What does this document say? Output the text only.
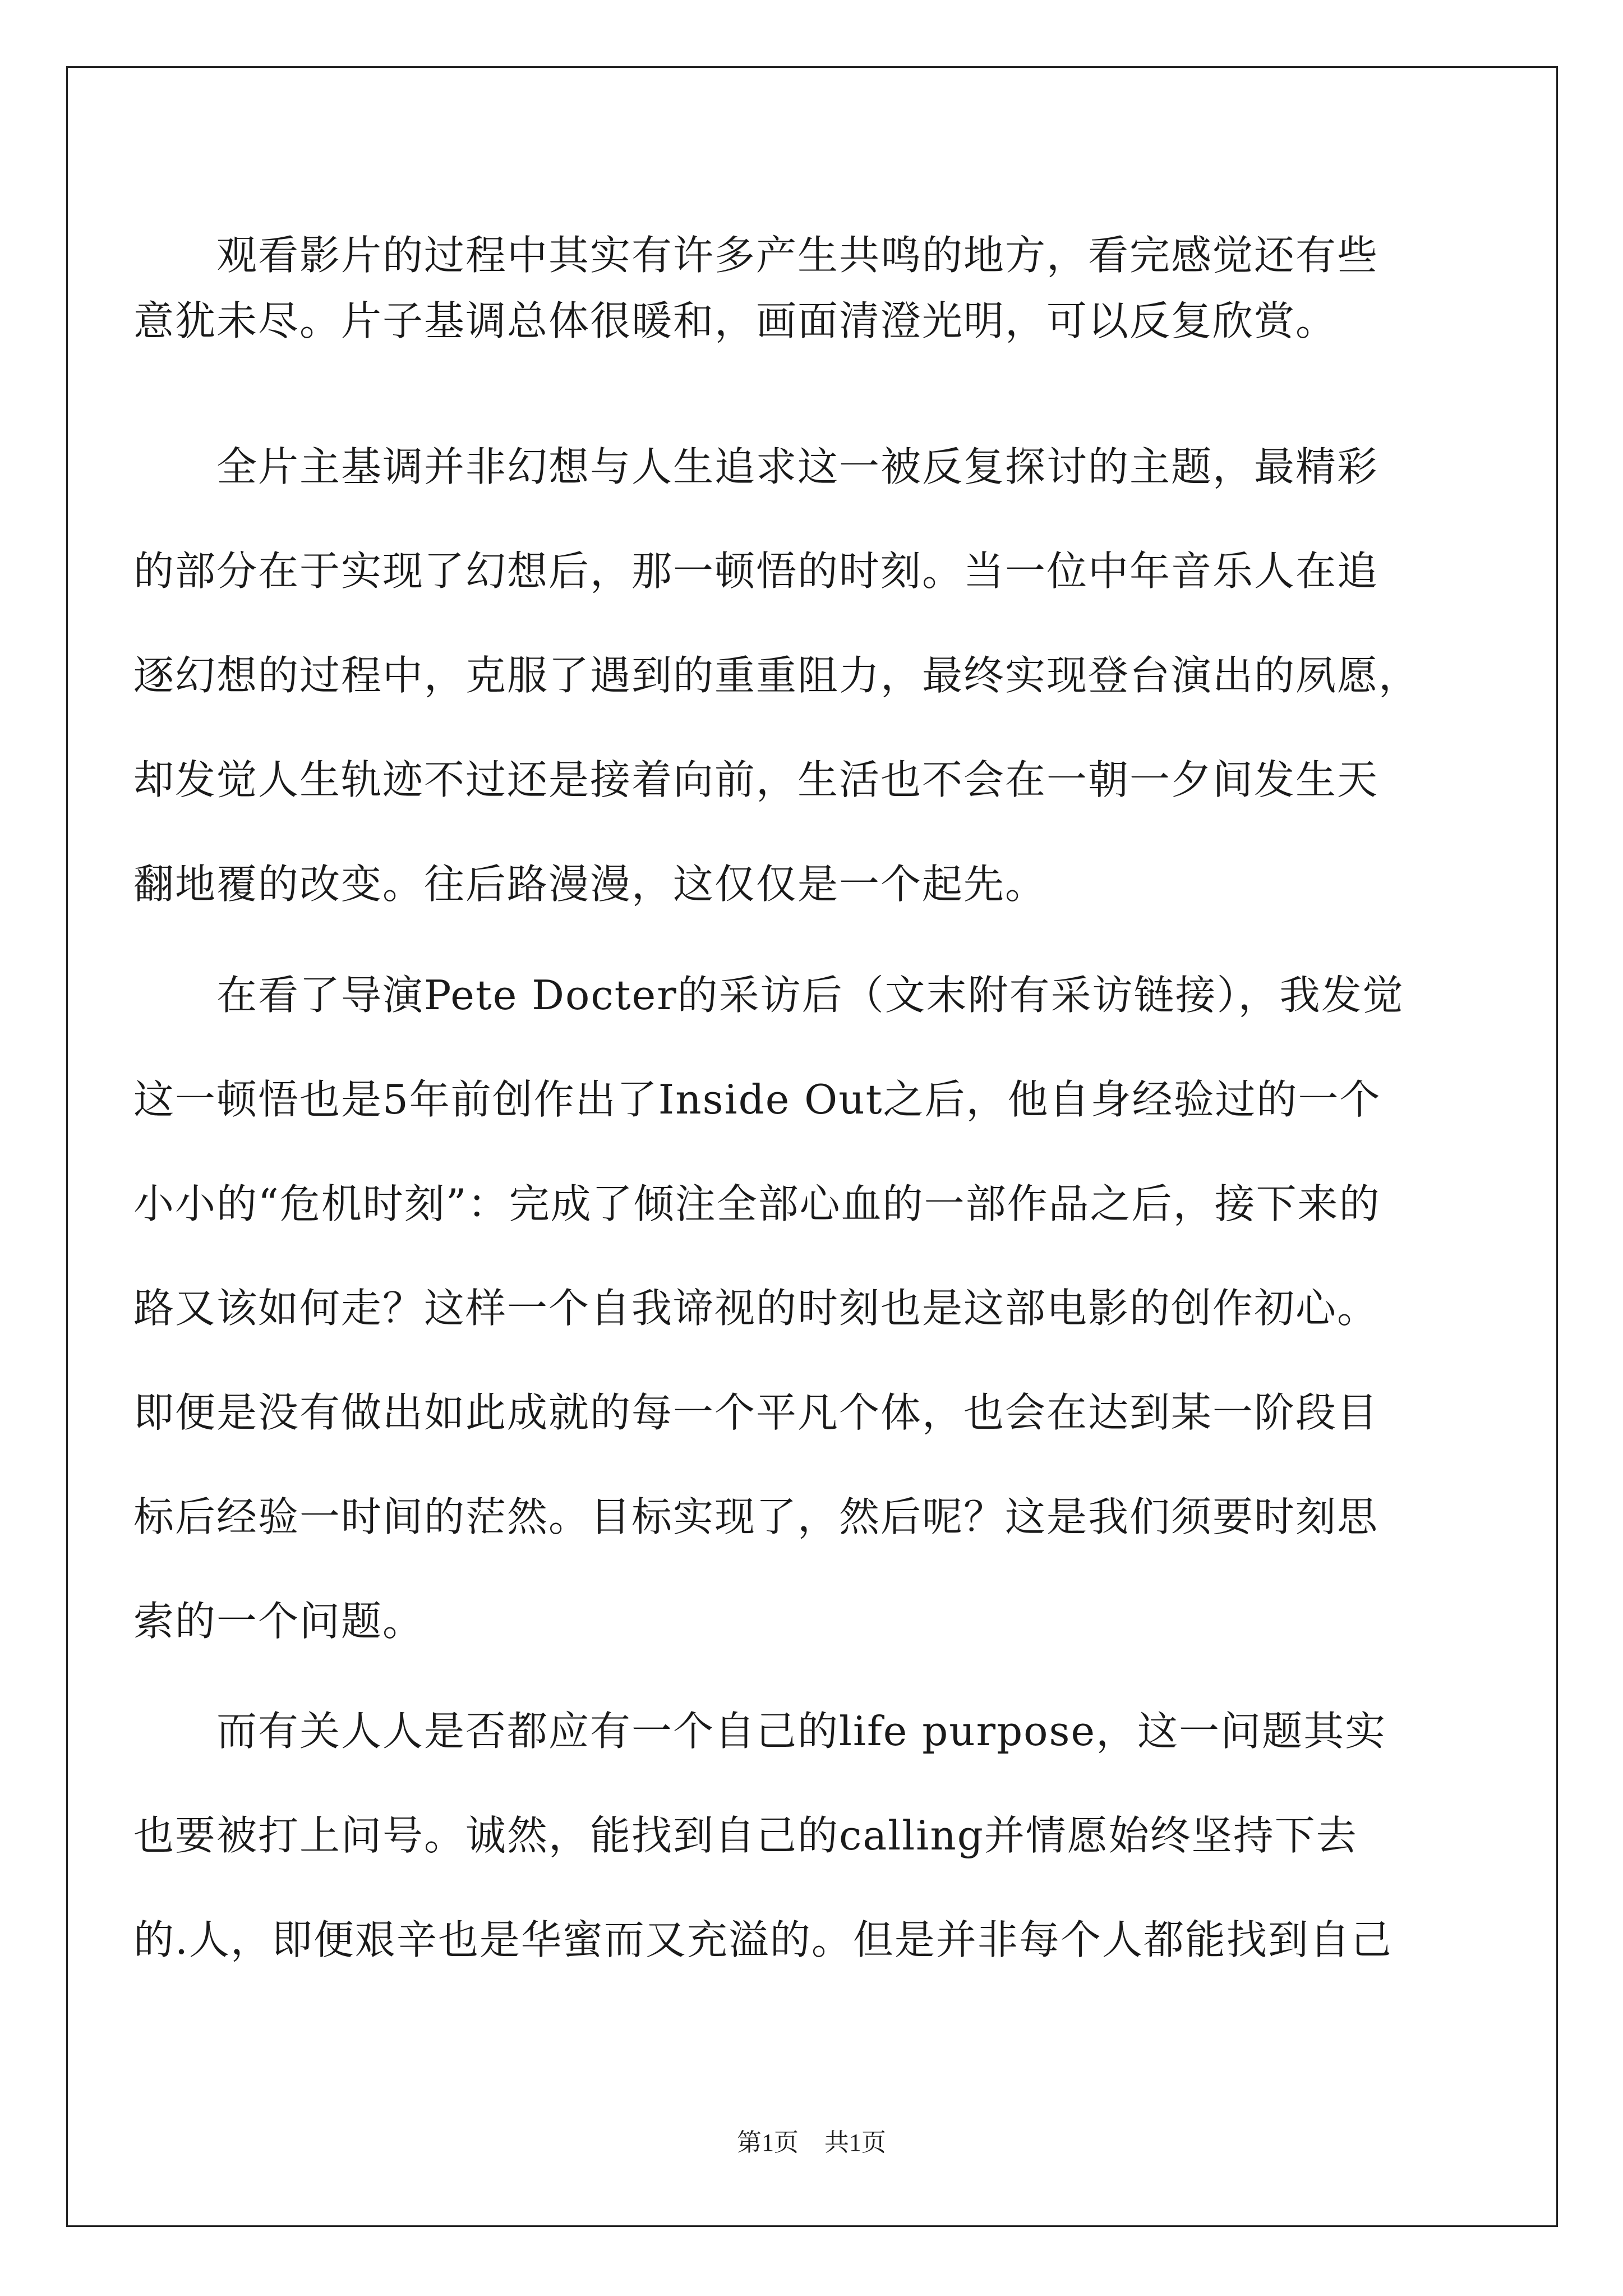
观看影片的过程中其实有许多产生共鸣的地方，看完感觉还有些
意犹未尽。片子基调总体很暖和，画面清澄光明，可以反复欣赏。
全片主基调并非幻想与人生追求这一被反复探讨的主题，最精彩
的部分在于实现了幻想后，那一顿悟的时刻。当一位中年音乐人在追
逐幻想的过程中，克服了遇到的重重阻力，最终实现登台演出的夙愿，
却发觉人生轨迹不过还是接着向前，生活也不会在一朝一夕间发生天
翻地覆的改变。往后路漫漫，这仅仅是一个起先。
在看了导演Pete Docter的采访后（文末附有采访链接），我发觉
这一顿悟也是5年前创作出了Inside Out之后，他自身经验过的一个
小小的“危机时刻”：完成了倾注全部心血的一部作品之后，接下来的
路又该如何走？这样一个自我谛视的时刻也是这部电影的创作初心。
即便是没有做出如此成就的每一个平凡个体，也会在达到某一阶段目
标后经验一时间的茫然。目标实现了，然后呢？这是我们须要时刻思
索的一个问题。
而有关人人是否都应有一个自己的life purpose，这一问题其实
也要被打上问号。诚然，能找到自己的calling并情愿始终坚持下去
的.人，即便艰辛也是华蜜而又充溢的。但是并非每个人都能找到自己
第1页 共1页
